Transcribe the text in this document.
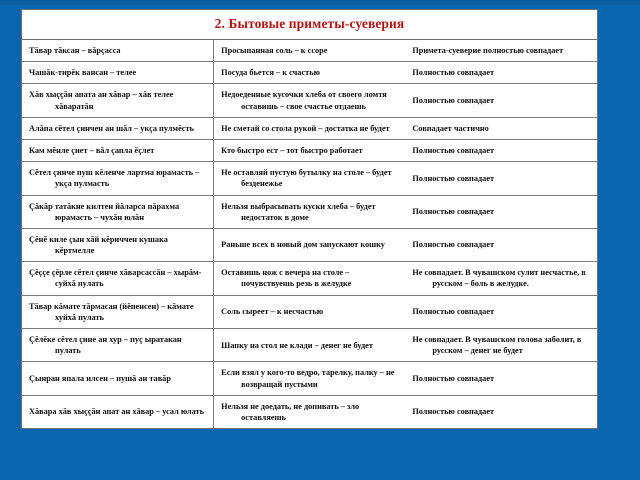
2. Бытовые приметы-суеверия		

Тăвар тăксан – вăрçасса	Просыпанная соль – к ссоре	Примета-суеверие полностью совпадает

Чашăк-тирĕк вансан – телее	Посуда бьется – к счастью	Полностью совпадает

Хăв хыççăн апата ан хăвар – хăв телее хăваратăн	Недоеденные кусочки хлеба от своего ломтя оставишь – свое счастье отдаешь	Полностью совпадает

Алăпа сĕтел çинчен ан шăл – укçа пулмĕсть	Не сметай со стола рукой – достатка не будет	Совпадает частично

Кам мĕнле çиет – вăл çапла ĕçлет	Кто быстро ест – тот быстро работает	Полностью совпадает

Сĕтел çинче пуш кĕленче лартма юрамасть – укçа пулмасть	Не оставляй пустую бутылку на столе – будет безденежье	Полностью совпадает

Çăкăр татăкне килтен йăларса пăрахма юрамасть – чухăн юлăн	Нельзя выбрасывать куски хлеба – будет недостаток в доме	Полностью совпадает

Çĕнĕ киле çын хăй кĕриччен кушака кĕртмелле	Раньше всех в новый дом запускают кошку	Полностью совпадает

Çĕççе çĕрле сĕтел çинче хăварсассăн – хырăм-суйхă пулать	Оставишь нож с вечера на столе – почувствуешь резь в желудке	Не совпадает. В чувашском сулит несчастье, в русском – боль в желудке.

Тăвар кăмате тăрмасан (йĕпенсен) – кăмате хуйхă пулать	Соль сыреет – к несчастью	Полностью совпадает

Çĕлĕке сĕтел çине ан хур – пуç ыратакан пулать	Шапку на стол не клади – денег не будет	Не совпадает. В чувашском голова заболит, в русском – денег не будет

Çынран япала илсен – пушă ан тавăр	Если взял у кого-то ведро, тарелку, палку – не возвращай пустыми	Полностью совпадает

Хăвара хăв хыççăн апат ан хăвар – усал юлать	Нельзя не доедать, не допивать – зло оставляешь	Полностью совпадает
